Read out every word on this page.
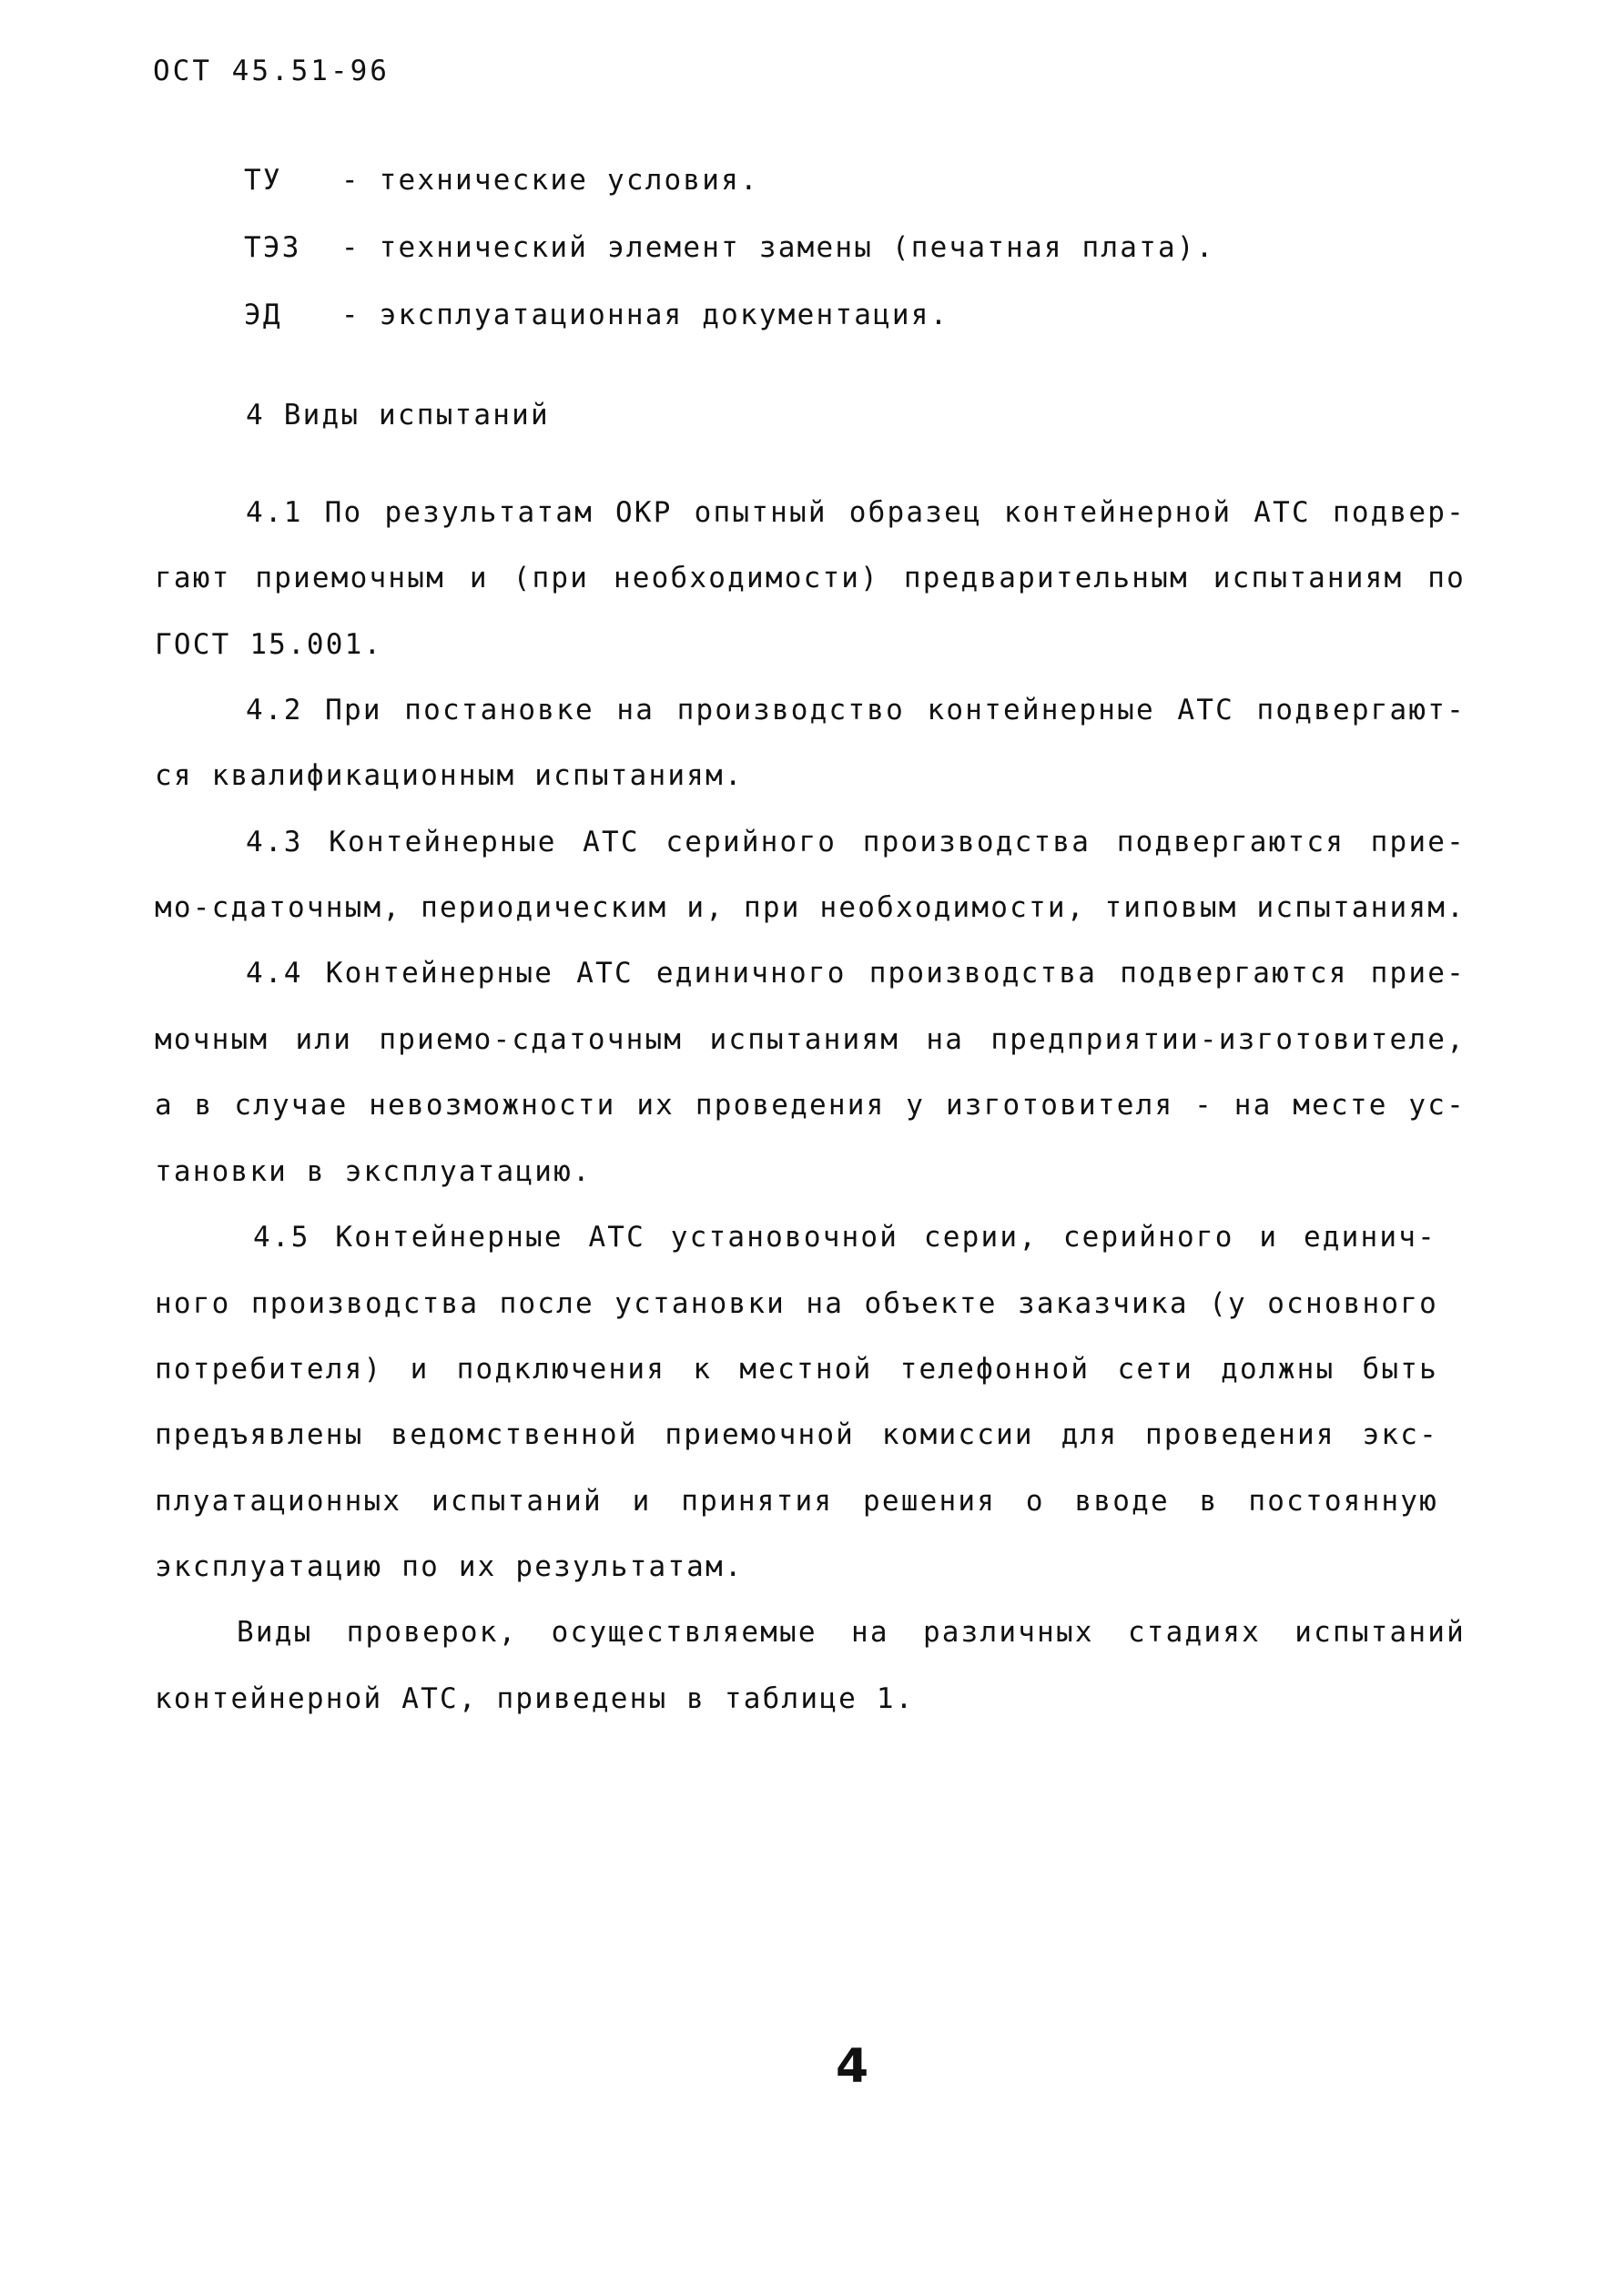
ОСТ 45.51-96
ТУ - технические условия.
ТЭЗ - технический элемент замены (печатная плата).
ЭД - эксплуатационная документация.
4 Виды испытаний
4.1 По результатам ОКР опытный образец контейнерной АТС подвер-
гают приемочным и (при необходимости) предварительным испытаниям по
ГОСТ 15.001.
4.2 При постановке на производство контейнерные АТС подвергают-
ся квалификационным испытаниям.
4.3 Контейнерные АТС серийного производства подвергаются прие-
мо-сдаточным, периодическим и, при необходимости, типовым испытаниям.
4.4 Контейнерные АТС единичного производства подвергаются прие-
мочным или приемо-сдаточным испытаниям на предприятии-изготовителе,
а в случае невозможности их проведения у изготовителя - на месте ус-
тановки в эксплуатацию.
4.5 Контейнерные АТС установочной серии, серийного и единич-
ного производства после установки на объекте заказчика (у основного
потребителя) и подключения к местной телефонной сети должны быть
предъявлены ведомственной приемочной комиссии для проведения экс-
плуатационных испытаний и принятия решения о вводе в постоянную
эксплуатацию по их результатам.
Виды проверок, осуществляемые на различных стадиях испытаний
контейнерной АТС, приведены в таблице 1.
4
